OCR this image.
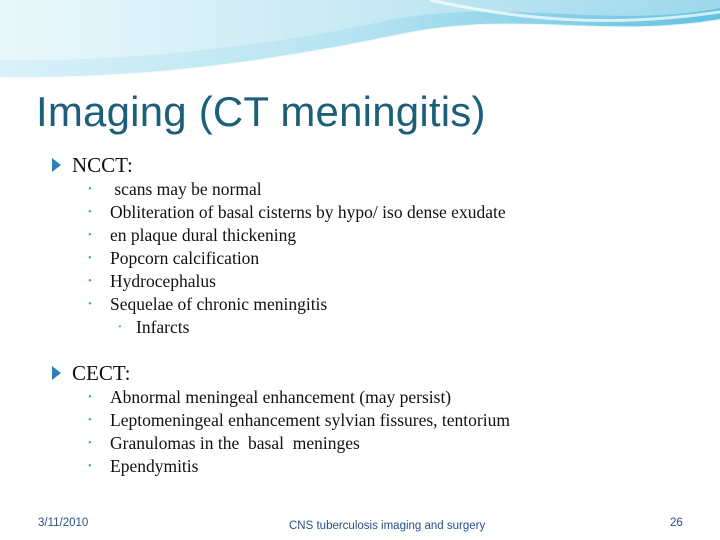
Imaging (CT meningitis)
NCCT:
• scans may be normal
• Obliteration of basal cisterns by hypo/ iso dense exudate
• en plaque dural thickening
• Popcorn calcification
• Hydrocephalus
• Sequelae of chronic meningitis
• Infarcts
CECT:
• Abnormal meningeal enhancement (may persist)
• Leptomeningeal enhancement sylvian fissures, tentorium
• Granulomas in the  basal  meninges
• Ependymitis
3/11/2010	CNS tuberculosis imaging and surgery	26
